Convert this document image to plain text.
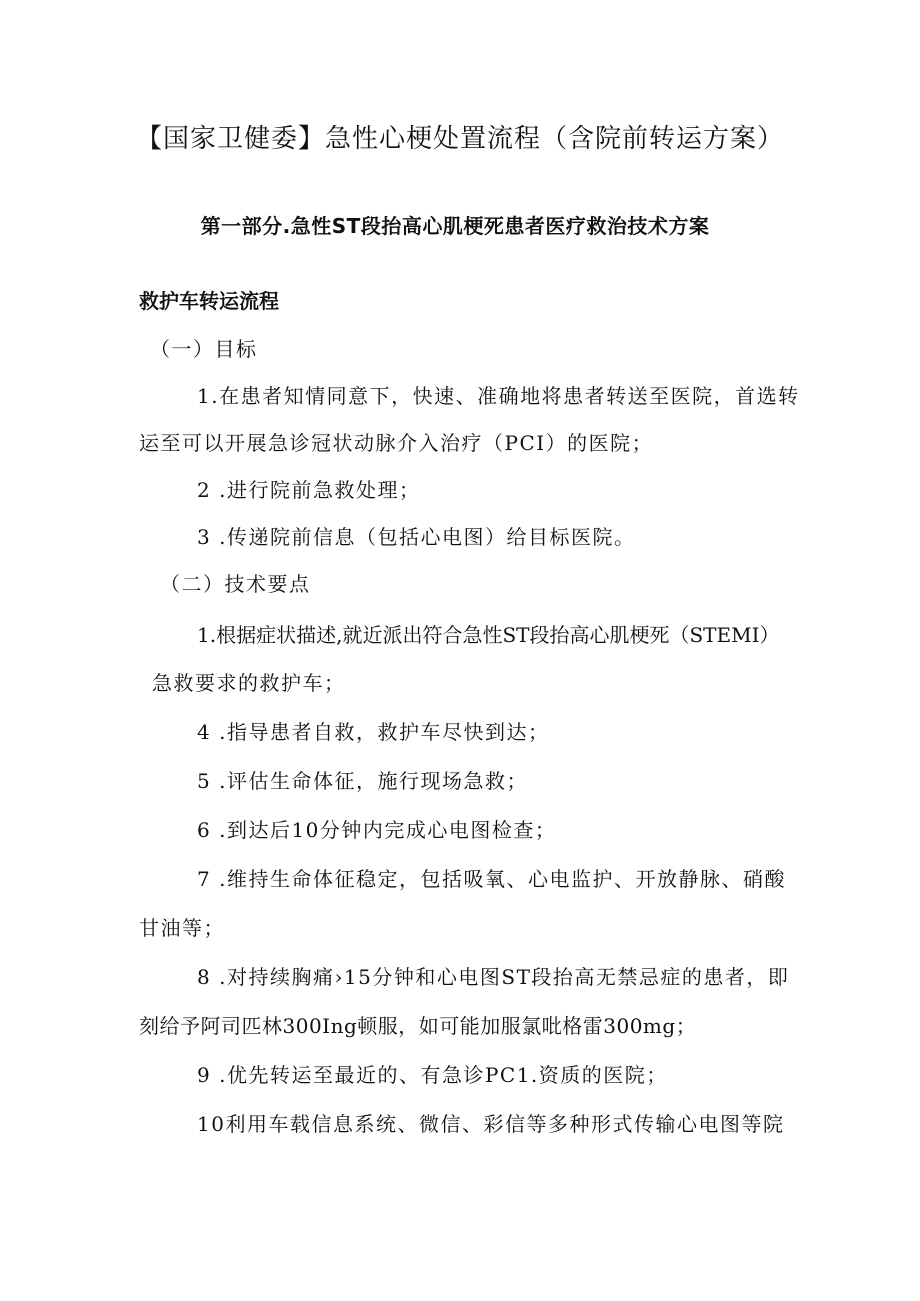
【国家卫健委】急性心梗处置流程（含院前转运方案）
第一部分.急性ST段抬高心肌梗死患者医疗救治技术方案
救护车转运流程
（一）目标
1.在患者知情同意下，快速、准确地将患者转送至医院，首选转
运至可以开展急诊冠状动脉介入治疗（PCI）的医院；
2 .进行院前急救处理；
3 .传递院前信息（包括心电图）给目标医院。
（二）技术要点
1.根据症状描述,就近派出符合急性ST段抬高心肌梗死（STEMI）
急救要求的救护车；
4 .指导患者自救，救护车尽快到达；
5 .评估生命体征，施行现场急救；
6 .到达后10分钟内完成心电图检查；
7 .维持生命体征稳定，包括吸氧、心电监护、开放静脉、硝酸
甘油等；
8 .对持续胸痛›15分钟和心电图ST段抬高无禁忌症的患者，即
刻给予阿司匹林300Ing顿服，如可能加服氯吡格雷300mg；
9 .优先转运至最近的、有急诊PC1.资质的医院；
10利用车载信息系统、微信、彩信等多种形式传输心电图等院
